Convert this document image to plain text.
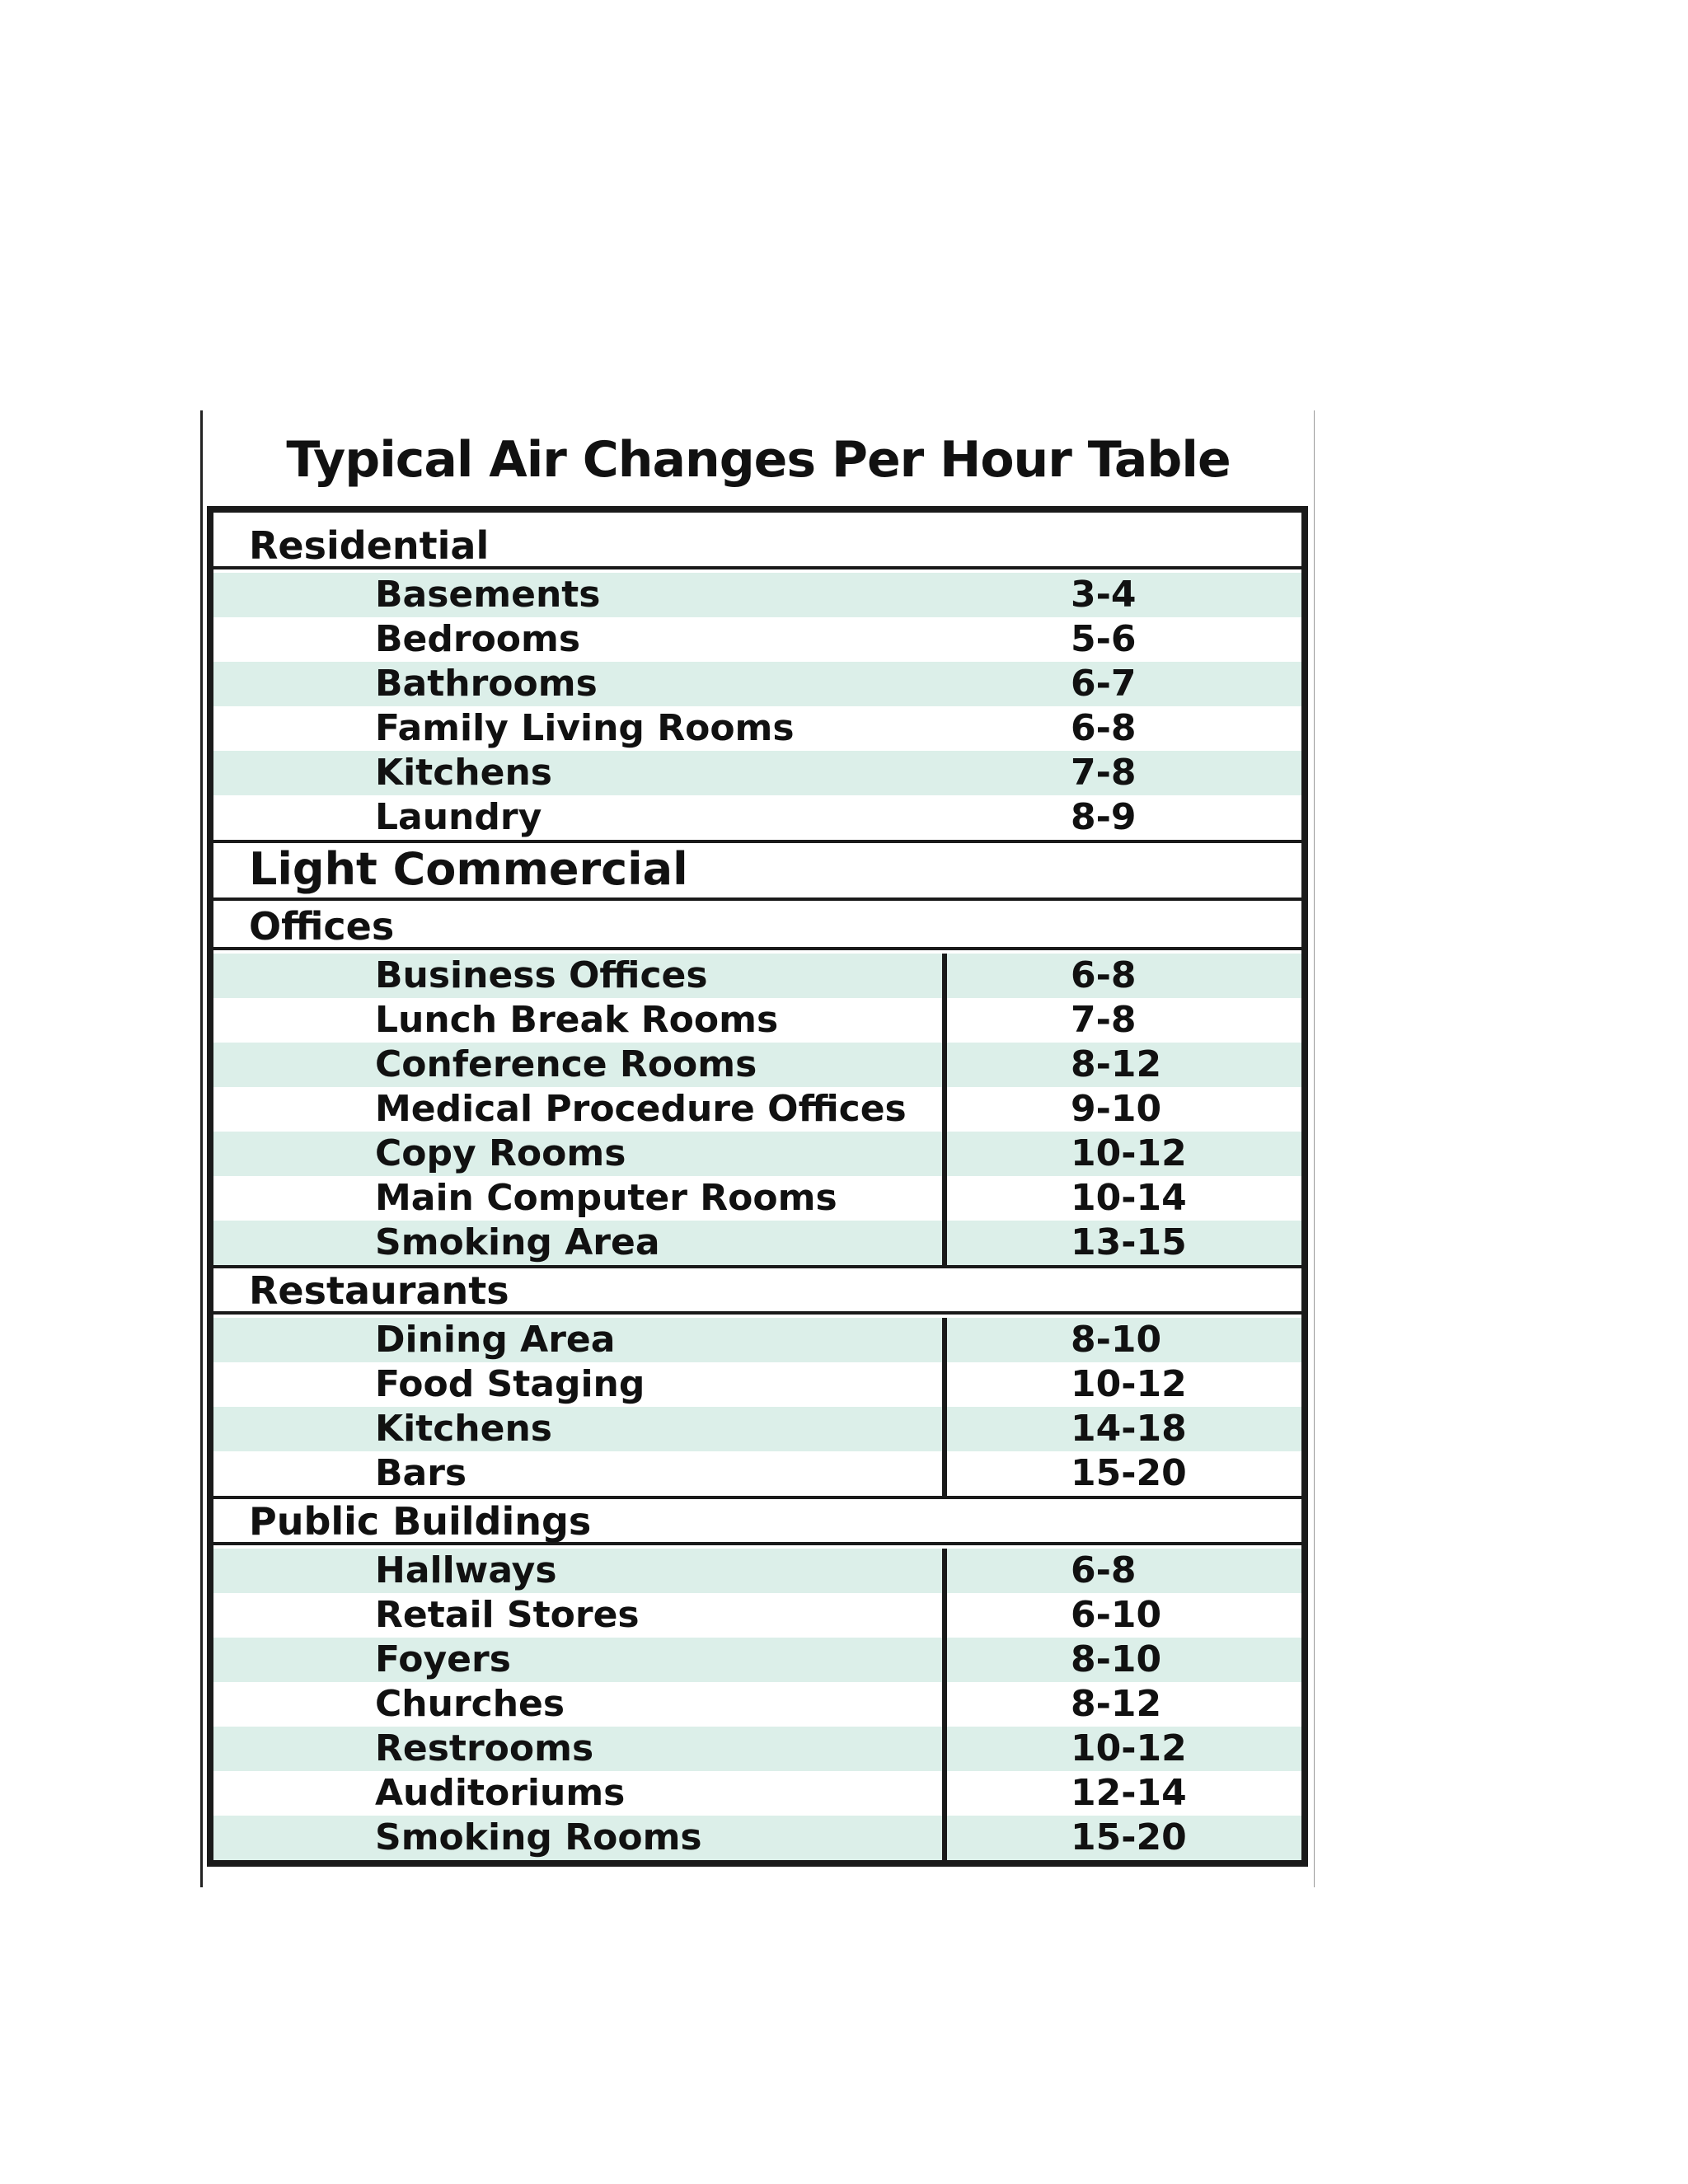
Typical Air Changes Per Hour Table
Residential
Basements	3-4
Bedrooms	5-6
Bathrooms	6-7
Family Living Rooms	6-8
Kitchens	7-8
Laundry	8-9
Light Commercial
Offices
Business Offices	6-8
Lunch Break Rooms	7-8
Conference Rooms	8-12
Medical Procedure Offices	9-10
Copy Rooms	10-12
Main Computer Rooms	10-14
Smoking Area	13-15
Restaurants
Dining Area	8-10
Food Staging	10-12
Kitchens	14-18
Bars	15-20
Public Buildings
Hallways	6-8
Retail Stores	6-10
Foyers	8-10
Churches	8-12
Restrooms	10-12
Auditoriums	12-14
Smoking Rooms	15-20
